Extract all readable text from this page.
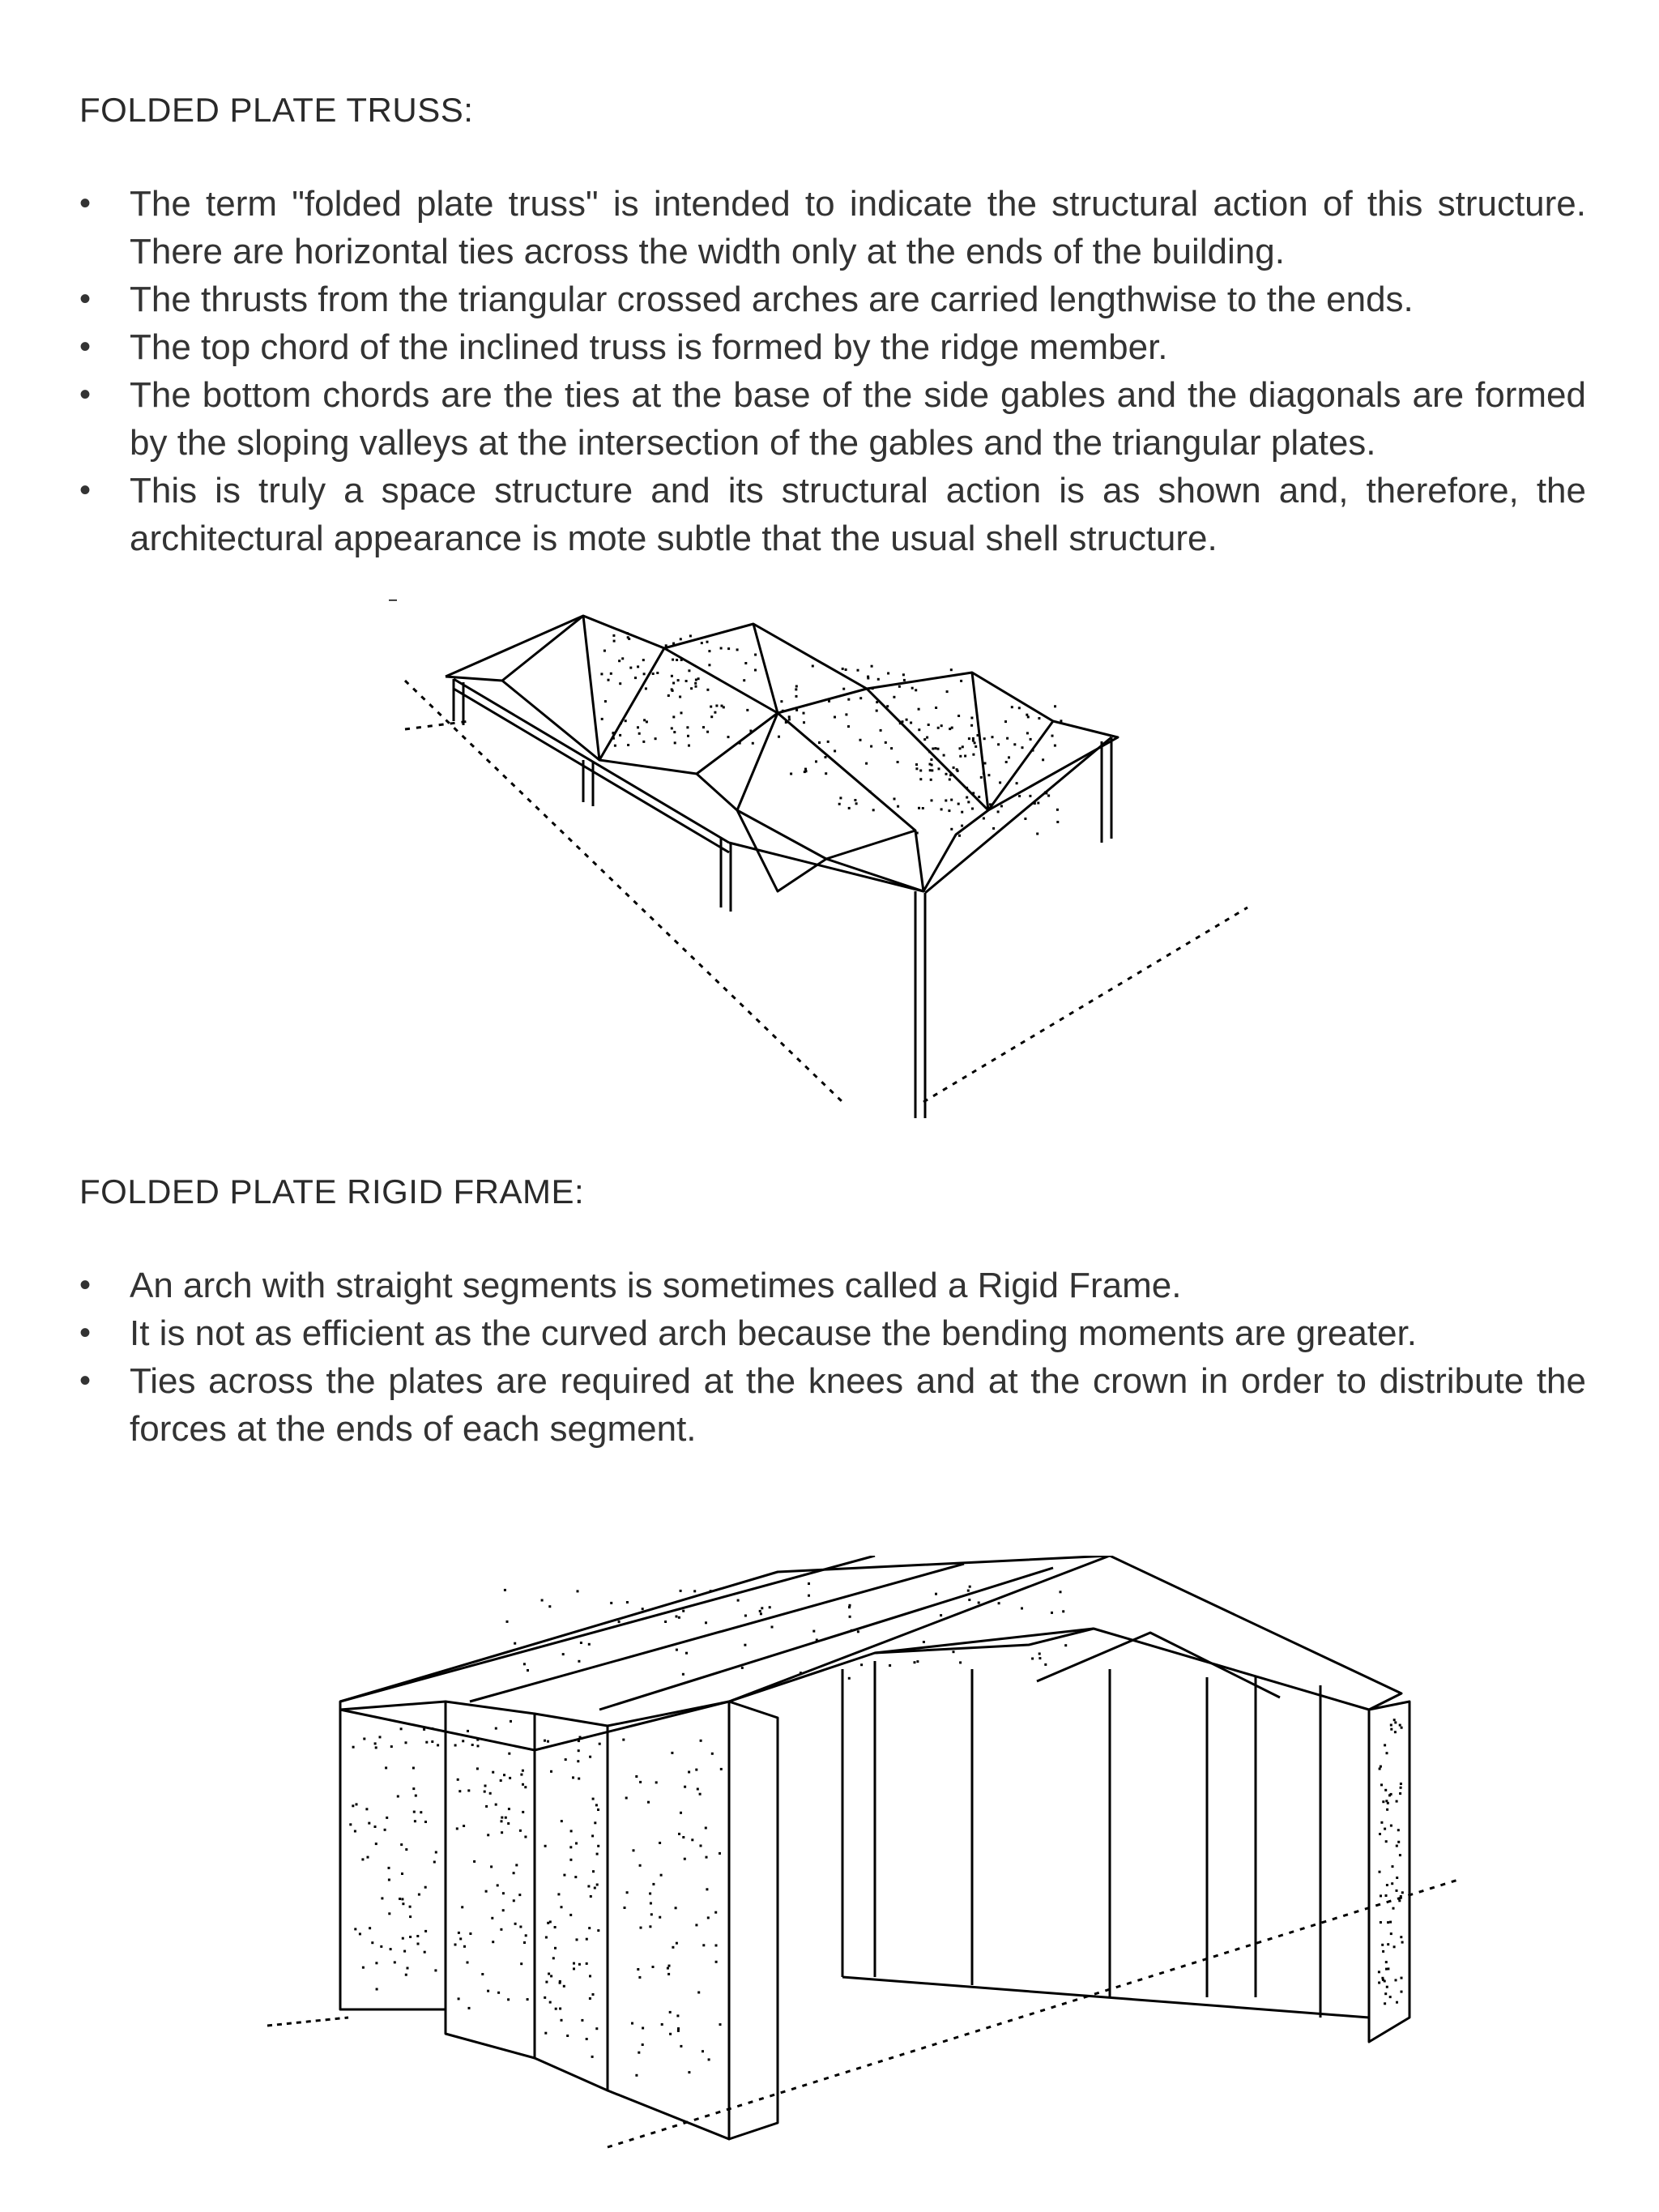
FOLDED PLATE TRUSS:
• The term "folded plate truss" is intended to indicate the structural action of this structure. There are horizontal ties across the width only at the ends of the building.
• The thrusts from the triangular crossed arches are carried lengthwise to the ends.
• The top chord of the inclined truss is formed by the ridge member.
• The bottom chords are the ties at the base of the side gables and the diagonals are formed by the sloping valleys at the intersection of the gables and the triangular plates.
• This is truly a space structure and its structural action is as shown and, therefore, the architectural appearance is mote subtle that the usual shell structure.
FOLDED PLATE RIGID FRAME:
• An arch with straight segments is sometimes called a Rigid Frame.
• It is not as efficient as the curved arch because the bending moments are greater.
• Ties across the plates are required at the knees and at the crown in order to distribute the forces at the ends of each segment.
